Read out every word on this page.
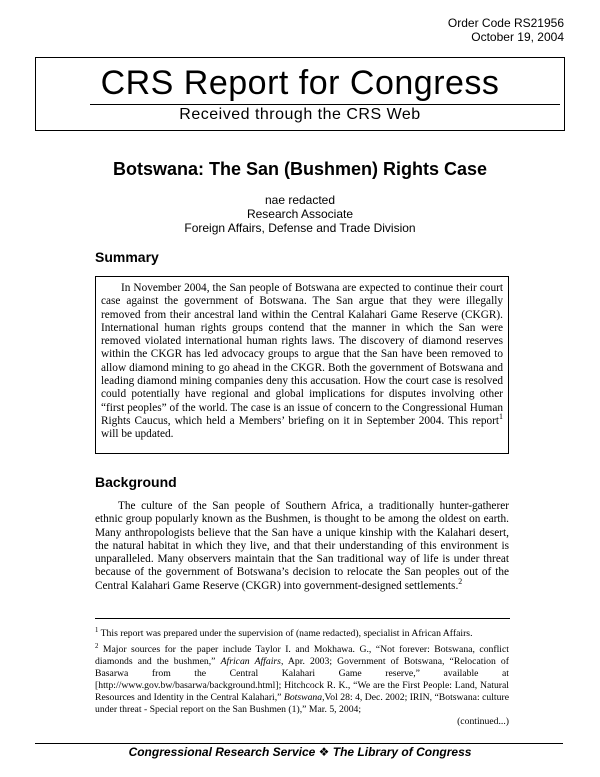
Order Code RS21956
October 19, 2004
CRS Report for Congress
Received through the CRS Web
Botswana: The San (Bushmen) Rights Case
nae redacted
Research Associate
Foreign Affairs, Defense and Trade Division
Summary

In November 2004, the San people of Botswana are expected to continue their court case against the government of Botswana. The San argue that they were illegally removed from their ancestral land within the Central Kalahari Game Reserve (CKGR). International human rights groups contend that the manner in which the San were removed violated international human rights laws. The discovery of diamond reserves within the CKGR has led advocacy groups to argue that the San have been removed to allow diamond mining to go ahead in the CKGR. Both the government of Botswana and leading diamond mining companies deny this accusation. How the court case is resolved could potentially have regional and global implications for disputes involving other “first peoples” of the world. The case is an issue of concern to the Congressional Human Rights Caucus, which held a Members’ briefing on it in September 2004. This report$^1$ will be updated.

Background

The culture of the San people of Southern Africa, a traditionally hunter-gatherer ethnic group popularly known as the Bushmen, is thought to be among the oldest on earth. Many anthropologists believe that the San have a unique kinship with the Kalahari desert, the natural habitat in which they live, and that their understanding of this environment is unparalleled. Many observers maintain that the San traditional way of life is under threat because of the government of Botswana’s decision to relocate the San peoples out of the Central Kalahari Game Reserve (CKGR) into government-designed settlements.$^2$

$^1$ This report was prepared under the supervision of (name redacted), specialist in African Affairs.

$^2$ Major sources for the paper include Taylor I. and Mokhawa. G., “Not forever: Botswana, conflict diamonds and the bushmen,” African Affairs, Apr. 2003; Government of Botswana, “Relocation of Basarwa from the Central Kalahari Game reserve,” available at [http://www.gov.bw/basarwa/background.html]; Hitchcock R. K., “We are the First People: Land, Natural Resources and Identity in the Central Kalahari,” Botswana,Vol 28: 4, Dec. 2002; IRIN, “Botswana: culture under threat - Special report on the San Bushmen (1),” Mar. 5, 2004;

(continued...)

Congressional Research Service ❖ The Library of Congress
